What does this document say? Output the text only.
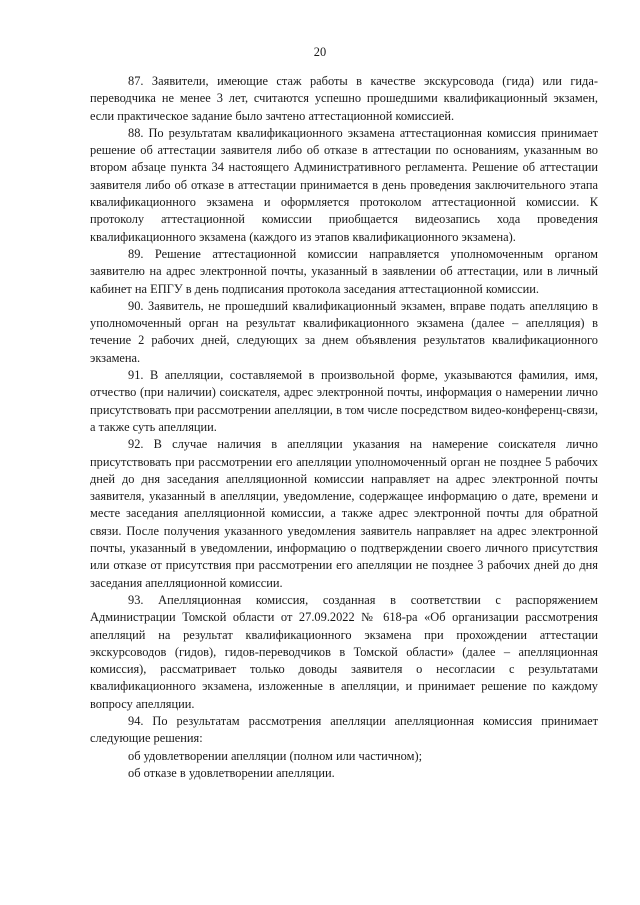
20

87. Заявители, имеющие стаж работы в качестве экскурсовода (гида) или гида-переводчика не менее 3 лет, считаются успешно прошедшими квалификационный экзамен, если практическое задание было зачтено аттестационной комиссией.

88. По результатам квалификационного экзамена аттестационная комиссия принимает решение об аттестации заявителя либо об отказе в аттестации по основаниям, указанным во втором абзаце пункта 34 настоящего Административного регламента. Решение об аттестации заявителя либо об отказе в аттестации принимается в день проведения заключительного этапа квалификационного экзамена и оформляется протоколом аттестационной комиссии. К протоколу аттестационной комиссии приобщается видеозапись хода проведения квалификационного экзамена (каждого из этапов квалификационного экзамена).

89. Решение аттестационной комиссии направляется уполномоченным органом заявителю на адрес электронной почты, указанный в заявлении об аттестации, или в личный кабинет на ЕПГУ в день подписания протокола заседания аттестационной комиссии.

90. Заявитель, не прошедший квалификационный экзамен, вправе подать апелляцию в уполномоченный орган на результат квалификационного экзамена (далее – апелляция) в течение 2 рабочих дней, следующих за днем объявления результатов квалификационного экзамена.

91. В апелляции, составляемой в произвольной форме, указываются фамилия, имя, отчество (при наличии) соискателя, адрес электронной почты, информация о намерении лично присутствовать при рассмотрении апелляции, в том числе посредством видео-конференц-связи, а также суть апелляции.

92. В случае наличия в апелляции указания на намерение соискателя лично присутствовать при рассмотрении его апелляции уполномоченный орган не позднее 5 рабочих дней до дня заседания апелляционной комиссии направляет на адрес электронной почты заявителя, указанный в апелляции, уведомление, содержащее информацию о дате, времени и месте заседания апелляционной комиссии, а также адрес электронной почты для обратной связи. После получения указанного уведомления заявитель направляет на адрес электронной почты, указанный в уведомлении, информацию о подтверждении своего личного присутствия или отказе от присутствия при рассмотрении его апелляции не позднее 3 рабочих дней до дня заседания апелляционной комиссии.

93. Апелляционная комиссия, созданная в соответствии с распоряжением Администрации Томской области от 27.09.2022 № 618-ра «Об организации рассмотрения апелляций на результат квалификационного экзамена при прохождении аттестации экскурсоводов (гидов), гидов-переводчиков в Томской области» (далее – апелляционная комиссия), рассматривает только доводы заявителя о несогласии с результатами квалификационного экзамена, изложенные в апелляции, и принимает решение по каждому вопросу апелляции.

94. По результатам рассмотрения апелляции апелляционная комиссия принимает следующие решения:

об удовлетворении апелляции (полном или частичном);

об отказе в удовлетворении апелляции.
